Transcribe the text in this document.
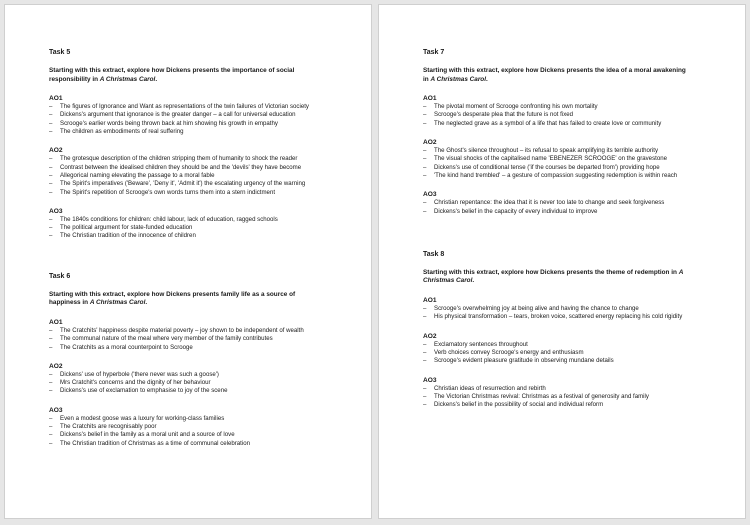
Task 5
Starting with this extract, explore how Dickens presents the importance of social responsibility in A Christmas Carol.
AO1
– The figures of Ignorance and Want as representations of the twin failures of Victorian society
– Dickens's argument that ignorance is the greater danger – a call for universal education
– Scrooge's earlier words being thrown back at him showing his growth in empathy
– The children as embodiments of real suffering
AO2
– The grotesque description of the children stripping them of humanity to shock the reader
– Contrast between the idealised children they should be and the 'devils' they have become
– Allegorical naming elevating the passage to a moral fable
– The Spirit's imperatives ('Beware', 'Deny it', 'Admit it') the escalating urgency of the warning
– The Spirit's repetition of Scrooge's own words turns them into a stern indictment
AO3
– The 1840s conditions for children: child labour, lack of education, ragged schools
– The political argument for state-funded education
– The Christian tradition of the innocence of children
Task 6
Starting with this extract, explore how Dickens presents family life as a source of happiness in A Christmas Carol.
AO1
– The Cratchits' happiness despite material poverty – joy shown to be independent of wealth
– The communal nature of the meal where very member of the family contributes
– The Cratchits as a moral counterpoint to Scrooge
AO2
– Dickens' use of hyperbole ('there never was such a goose')
– Mrs Cratchit's concerns and the dignity of her behaviour
– Dickens's use of exclamation to emphasise to joy of the scene
AO3
– Even a modest goose was a luxury for working-class families
– The Cratchits are recognisably poor
– Dickens's belief in the family as a moral unit and a source of love
– The Christian tradition of Christmas as a time of communal celebration
Task 7
Starting with this extract, explore how Dickens presents the idea of a moral awakening in A Christmas Carol.
AO1
– The pivotal moment of Scrooge confronting his own mortality
– Scrooge's desperate plea that the future is not fixed
– The neglected grave as a symbol of a life that has failed to create love or community
AO2
– The Ghost's silence throughout – its refusal to speak amplifying its terrible authority
– The visual shocks of the capitalised name 'EBENEZER SCROOGE' on the gravestone
– Dickens's use of conditional tense ('if the courses be departed from') providing hope
– 'The kind hand trembled' – a gesture of compassion suggesting redemption is within reach
AO3
– Christian repentance: the idea that it is never too late to change and seek forgiveness
– Dickens's belief in the capacity of every individual to improve
Task 8
Starting with this extract, explore how Dickens presents the theme of redemption in A Christmas Carol.
AO1
– Scrooge's overwhelming joy at being alive and having the chance to change
– His physical transformation – tears, broken voice, scattered energy replacing his cold rigidity
AO2
– Exclamatory sentences throughout
– Verb choices convey Scrooge's energy and enthusiasm
– Scrooge's evident pleasure gratitude in observing mundane details
AO3
– Christian ideas of resurrection and rebirth
– The Victorian Christmas revival: Christmas as a festival of generosity and family
– Dickens's belief in the possibility of social and individual reform
